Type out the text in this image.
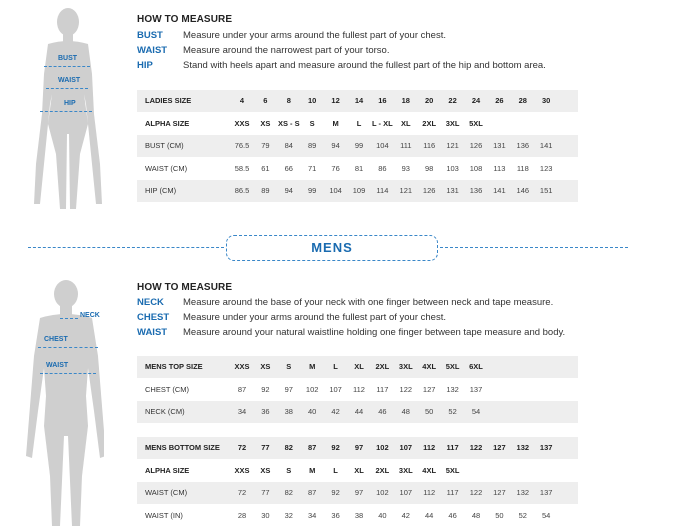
BUST
WAIST
HIP
HOW TO MEASURE
BUST Measure under your arms around the fullest part of your chest.
WAIST Measure around the narrowest part of your torso.
HIP	Stand with heels apart and measure around the fullest part of the hip and bottom area.
LADIES SIZE	4	6	8	10	12	14	16	18	20	22	24	26	28	30
ALPHA SIZE	XXS	XS	XS - S	S	M	L	L - XL	XL	2XL	3XL	5XL
BUST (CM)	76.5	79	84	89	94	99	104	111	116	121	126	131	136	141
WAIST (CM)	58.5	61	66	71	76	81	86	93	98	103	108	113	118	123
HIP (CM)	86.5	89	94	99	104	109	114	121	126	131	136	141	146	151
MENS
NECK
CHEST
WAIST
HOW TO MEASURE
NECK Measure around the base of your neck with one finger between neck and tape measure.
CHEST Measure under your arms around the fullest part of your chest.
WAIST Measure around your natural waistline holding one finger between tape measure and body.
MENS TOP SIZE	XXS	XS	S	M	L	XL	2XL	3XL	4XL	5XL	6XL
CHEST (CM)	87	92	97	102	107	112	117	122	127	132	137
NECK (CM)	34	36	38	40	42	44	46	48	50	52	54
MENS BOTTOM SIZE	72	77	82	87	92	97	102	107	112	117	122	127	132	137
ALPHA SIZE	XXS	XS	S	M	L	XL	2XL	3XL	4XL	5XL
WAIST (CM)	72	77	82	87	92	97	102	107	112	117	122	127	132	137
WAIST (IN)	28	30	32	34	36	38	40	42	44	46	48	50	52	54
